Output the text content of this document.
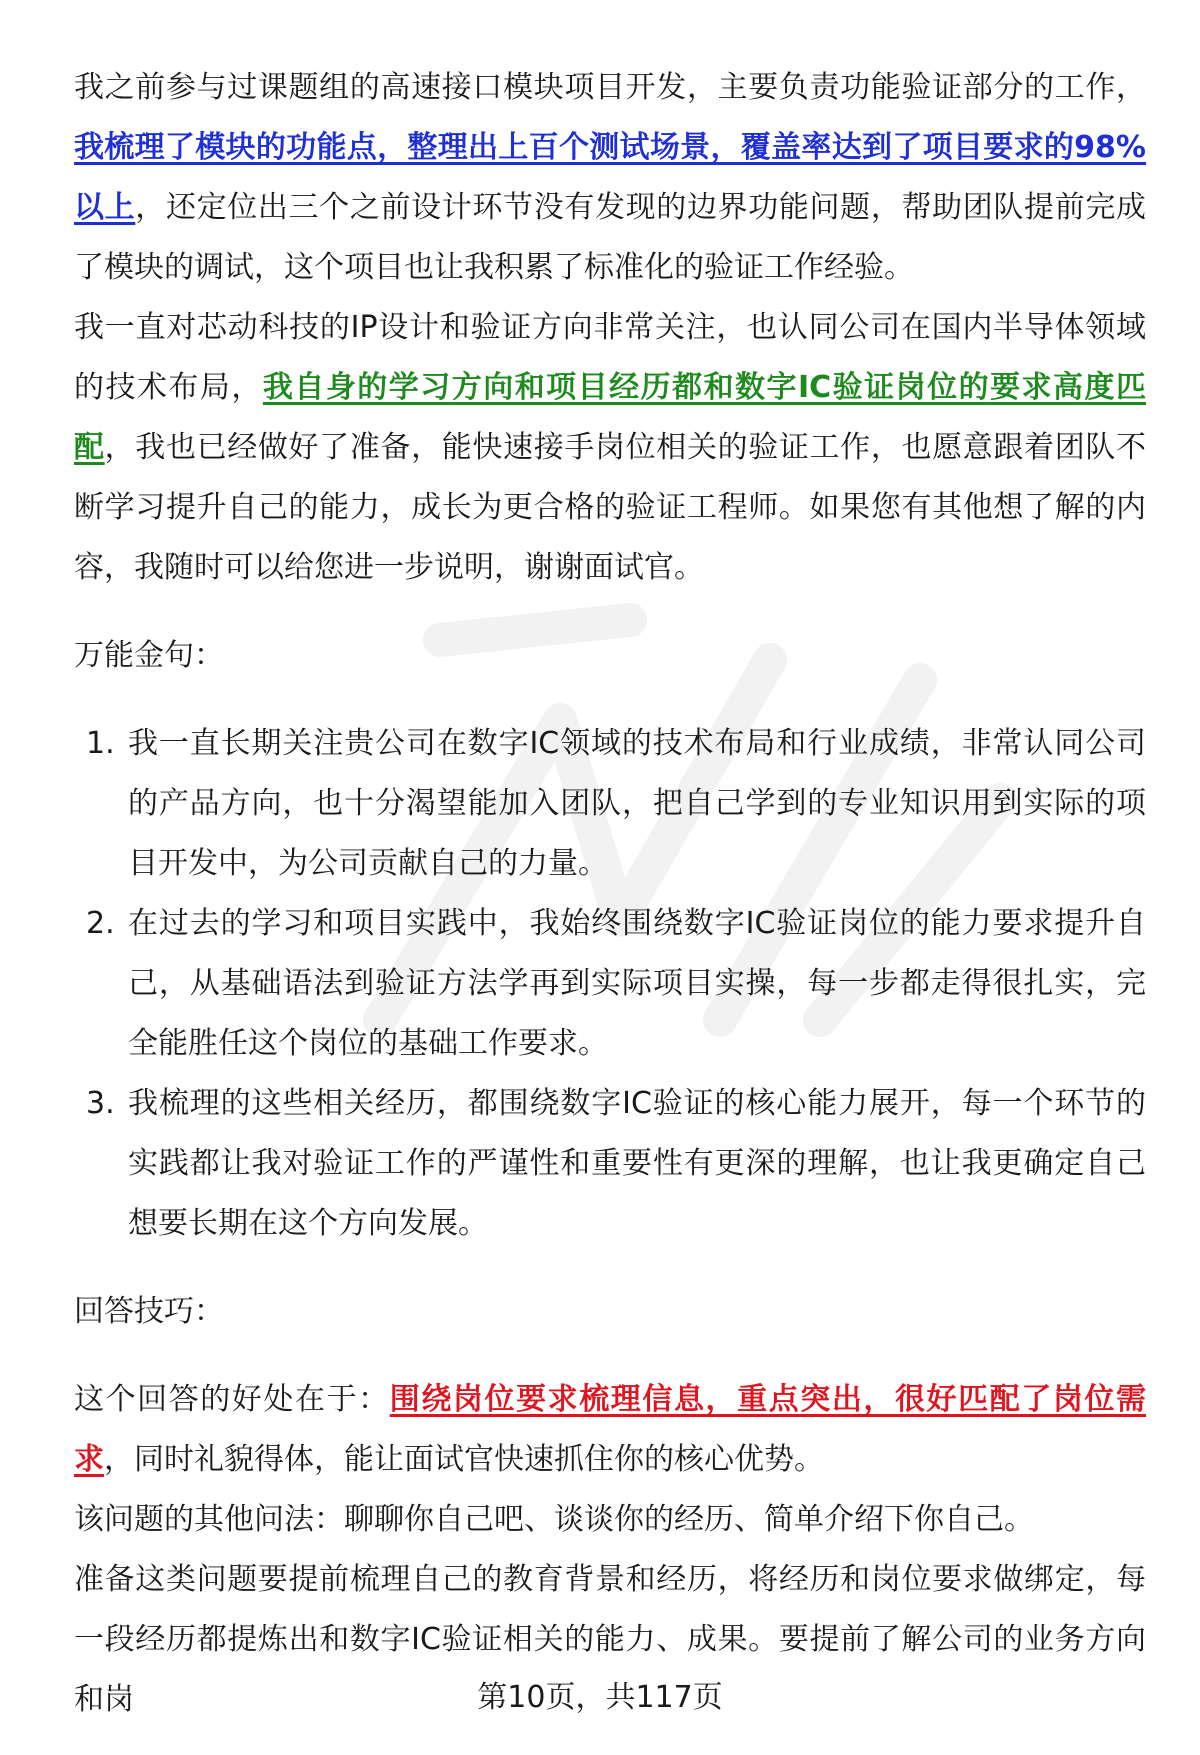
我之前参与过课题组的高速接口模块项目开发，主要负责功能验证部分的工作，我梳理了模块的功能点，整理出上百个测试场景，覆盖率达到了项目要求的98%以上，还定位出三个之前设计环节没有发现的边界功能问题，帮助团队提前完成了模块的调试，这个项目也让我积累了标准化的验证工作经验。

我一直对芯动科技的IP设计和验证方向非常关注，也认同公司在国内半导体领域的技术布局，我自身的学习方向和项目经历都和数字IC验证岗位的要求高度匹配，我也已经做好了准备，能快速接手岗位相关的验证工作，也愿意跟着团队不断学习提升自己的能力，成长为更合格的验证工程师。如果您有其他想了解的内容，我随时可以给您进一步说明，谢谢面试官。

万能金句：

1. 我一直长期关注贵公司在数字IC领域的技术布局和行业成绩，非常认同公司的产品方向，也十分渴望能加入团队，把自己学到的专业知识用到实际的项目开发中，为公司贡献自己的力量。

2. 在过去的学习和项目实践中，我始终围绕数字IC验证岗位的能力要求提升自己，从基础语法到验证方法学再到实际项目实操，每一步都走得很扎实，完全能胜任这个岗位的基础工作要求。

3. 我梳理的这些相关经历，都围绕数字IC验证的核心能力展开，每一个环节的实践都让我对验证工作的严谨性和重要性有更深的理解，也让我更确定自己想要长期在这个方向发展。

回答技巧：

这个回答的好处在于：围绕岗位要求梳理信息，重点突出，很好匹配了岗位需求，同时礼貌得体，能让面试官快速抓住你的核心优势。

该问题的其他问法：聊聊你自己吧、谈谈你的经历、简单介绍下你自己。

准备这类问题要提前梳理自己的教育背景和经历，将经历和岗位要求做绑定，每一段经历都提炼出和数字IC验证相关的能力、成果。要提前了解公司的业务方向和岗	第10页，共117页
